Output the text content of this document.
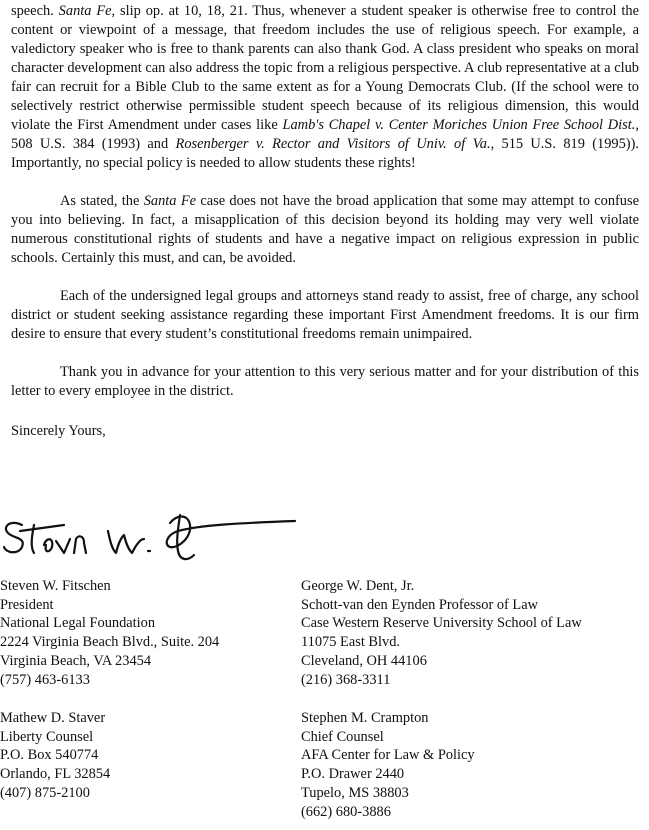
speech. Santa Fe, slip op. at 10, 18, 21. Thus, whenever a student speaker is otherwise free to control the content or viewpoint of a message, that freedom includes the use of religious speech. For example, a valedictory speaker who is free to thank parents can also thank God. A class president who speaks on moral character development can also address the topic from a religious perspective. A club representative at a club fair can recruit for a Bible Club to the same extent as for a Young Democrats Club. (If the school were to selectively restrict otherwise permissible student speech because of its religious dimension, this would violate the First Amendment under cases like Lamb's Chapel v. Center Moriches Union Free School Dist., 508 U.S. 384 (1993) and Rosenberger v. Rector and Visitors of Univ. of Va., 515 U.S. 819 (1995)). Importantly, no special policy is needed to allow students these rights!

As stated, the Santa Fe case does not have the broad application that some may attempt to confuse you into believing. In fact, a misapplication of this decision beyond its holding may very well violate numerous constitutional rights of students and have a negative impact on religious expression in public schools. Certainly this must, and can, be avoided.

Each of the undersigned legal groups and attorneys stand ready to assist, free of charge, any school district or student seeking assistance regarding these important First Amendment freedoms. It is our firm desire to ensure that every student’s constitutional freedoms remain unimpaired.

Thank you in advance for your attention to this very serious matter and for your distribution of this letter to every employee in the district.

Sincerely Yours,

Steven W. Fitschen
President
National Legal Foundation
2224 Virginia Beach Blvd., Suite. 204
Virginia Beach, VA 23454
(757) 463-6133
George W. Dent, Jr.
Schott-van den Eynden Professor of Law
Case Western Reserve University School of Law
11075 East Blvd.
Cleveland, OH 44106
(216) 368-3311
Mathew D. Staver
Liberty Counsel
P.O. Box 540774
Orlando, FL 32854
(407) 875-2100
Stephen M. Crampton
Chief Counsel
AFA Center for Law & Policy
P.O. Drawer 2440
Tupelo, MS 38803
(662) 680-3886
